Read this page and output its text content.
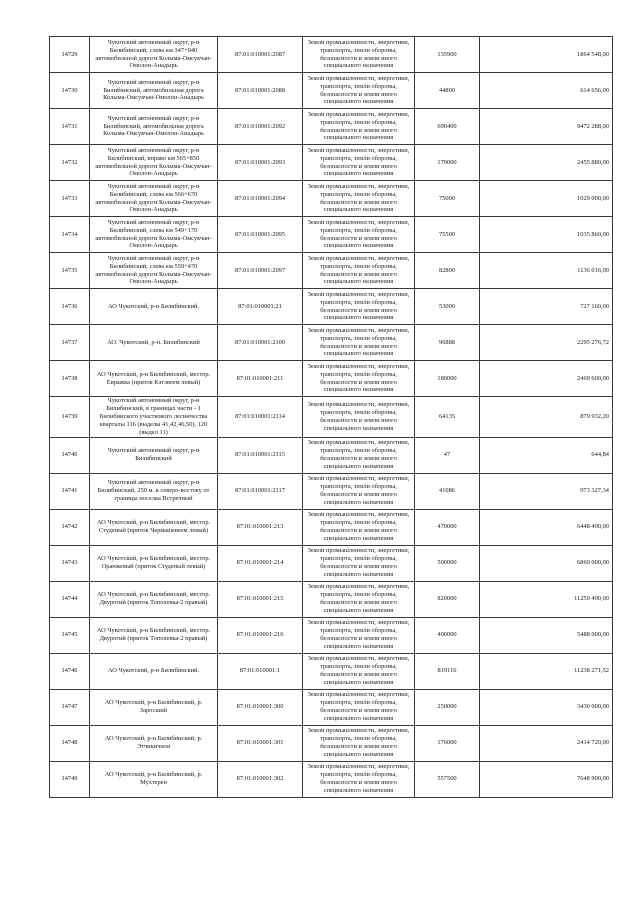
14729	Чукотский автономный округ, р-н Билибинский, слева км 347+940 автомобильной дороги Колыма-Омсукчан-Омолон-Анадырь	87:01:010001:2087	Земли промышленности, энергетики, транспорта, земли обороны, безопасности и земли иного специального назначения	135900	1864 548,00
14730	Чукотский автономный округ, р-н Билибинский, автомобильная дорога Колыма-Омсукчан-Омолон-Анадырь	87:01:010001:2088	Земли промышленности, энергетики, транспорта, земли обороны, безопасности и земли иного специального назначения	44800	614 656,00
14731	Чукотский автономный округ, р-н Билибинский, автомобильная дорога Колыма-Омсукчан-Омолон-Анадырь	87:01:010001:2092	Земли промышленности, энергетики, транспорта, земли обороны, безопасности и земли иного специального назначения	690400	9472 288,00
14732	Чукотский автономный округ, р-н Билибинский, вправо км 565+850 автомобильной дороги Колыма-Омсукчан-Омолон-Анадырь	87:01:010001:2093	Земли промышленности, энергетики, транспорта, земли обороны, безопасности и земли иного специального назначения	179000	2455 880,00
14733	Чукотский автономный округ, р-н Билибинский, слева км 566+670 автомобильной дороги Колыма-Омсукчан-Омолон-Анадырь	87:01:010001:2094	Земли промышленности, энергетики, транспорта, земли обороны, безопасности и земли иного специального назначения	75000	1029 000,00
14734	Чукотский автономный округ, р-н Билибинский, слева км 549+170 автомобильной дороги Колыма-Омсукчан-Омолон-Анадырь	87:01:010001:2095	Земли промышленности, энергетики, транспорта, земли обороны, безопасности и земли иного специального назначения	75500	1035 860,00
14735	Чукотский автономный округ, р-н Билибинский, слева км 559+470 автомобильной дороги Колыма-Омсукчан-Омолон-Анадырь	87:01:010001:2097	Земли промышленности, энергетики, транспорта, земли обороны, безопасности и земли иного специального назначения	82800	1136 016,00
14736	АО Чукотский, р-н Билибинский.	87:01:010001:21	Земли промышленности, энергетики, транспорта, земли обороны, безопасности и земли иного специального назначения	53000	727 160,00
14737	АО. Чукотский, р-н. Билибинский	87:01:010001:2100	Земли промышленности, энергетики, транспорта, земли обороны, безопасности и земли иного специального назначения	96888	2295 276,72
14738	АО Чукотский, р-н Билибинский, местор. Евражка (приток Кэтэвеем левый)	87:01:010001:211	Земли промышленности, энергетики, транспорта, земли обороны, безопасности и земли иного специального назначения	180000	2469 600,00
14739	Чукотский автономный округ, р-н Билибинский, в границах части - 1 Билибинского участкового лесничества кварталы 116 (выделы 41,42,46,50), 120 (выдел 11)	87:01:010001:2114	Земли промышленности, энергетики, транспорта, земли обороны, безопасности и земли иного специального назначения	64135	879 932,20
14740	Чукотский автономный округ, р-н Билибинский	87:01:010001:2115	Земли промышленности, энергетики, транспорта, земли обороны, безопасности и земли иного специального назначения	47	644,84
14741	Чукотский автономный округ, р-н Билибинский, 250 м. к северо-востоку от границы поселка Встречный	87:01:010001:2117	Земли промышленности, энергетики, транспорта, земли обороны, безопасности и земли иного специального назначения	41086	973 327,34
14742	АО Чукотский, р-н Билибинский, местор. Студеный (приток Чермашевеем левый)	87:01:010001:213	Земли промышленности, энергетики, транспорта, земли обороны, безопасности и земли иного специального назначения	470000	6448 400,00
14743	АО Чукотский, р-н Билибинский, местор. Оранжевый (приток Студеный левый)	87:01:010001:214	Земли промышленности, энергетики, транспорта, земли обороны, безопасности и земли иного специального назначения	500000	6860 000,00
14744	АО Чукотский, р-н Билибинский, местор. Двурогий (приток Тополевка-2 правый)	87:01:010001:215	Земли промышленности, энергетики, транспорта, земли обороны, безопасности и земли иного специального назначения	820000	11250 400,00
14745	АО Чукотский, р-н Билибинский, местор. Двурогий (приток Тополевка-2 правый)	87:01:010001:216	Земли промышленности, энергетики, транспорта, земли обороны, безопасности и земли иного специального назначения	400000	5488 000,00
14746	АО Чукотский, р-н Билибинский.	87:01:010001:1	Земли промышленности, энергетики, транспорта, земли обороны, безопасности и земли иного специального назначения	819116	11238 271,52
14747	АО Чукотский, р-н Билибинский, р. Заросший	87:01:010001:300	Земли промышленности, энергетики, транспорта, земли обороны, безопасности и земли иного специального назначения	250000	3430 000,00
14748	АО Чукотский, р-н Билибинский, р. Этчикичеем	87:01:010001:301	Земли промышленности, энергетики, транспорта, земли обороны, безопасности и земли иного специального назначения	176000	2414 720,00
14749	АО Чукотский, р-н Билибинский, р. Мухтерен	87:01:010001:302	Земли промышленности, энергетики, транспорта, земли обороны, безопасности и земли иного специального назначения	557500	7648 900,00
